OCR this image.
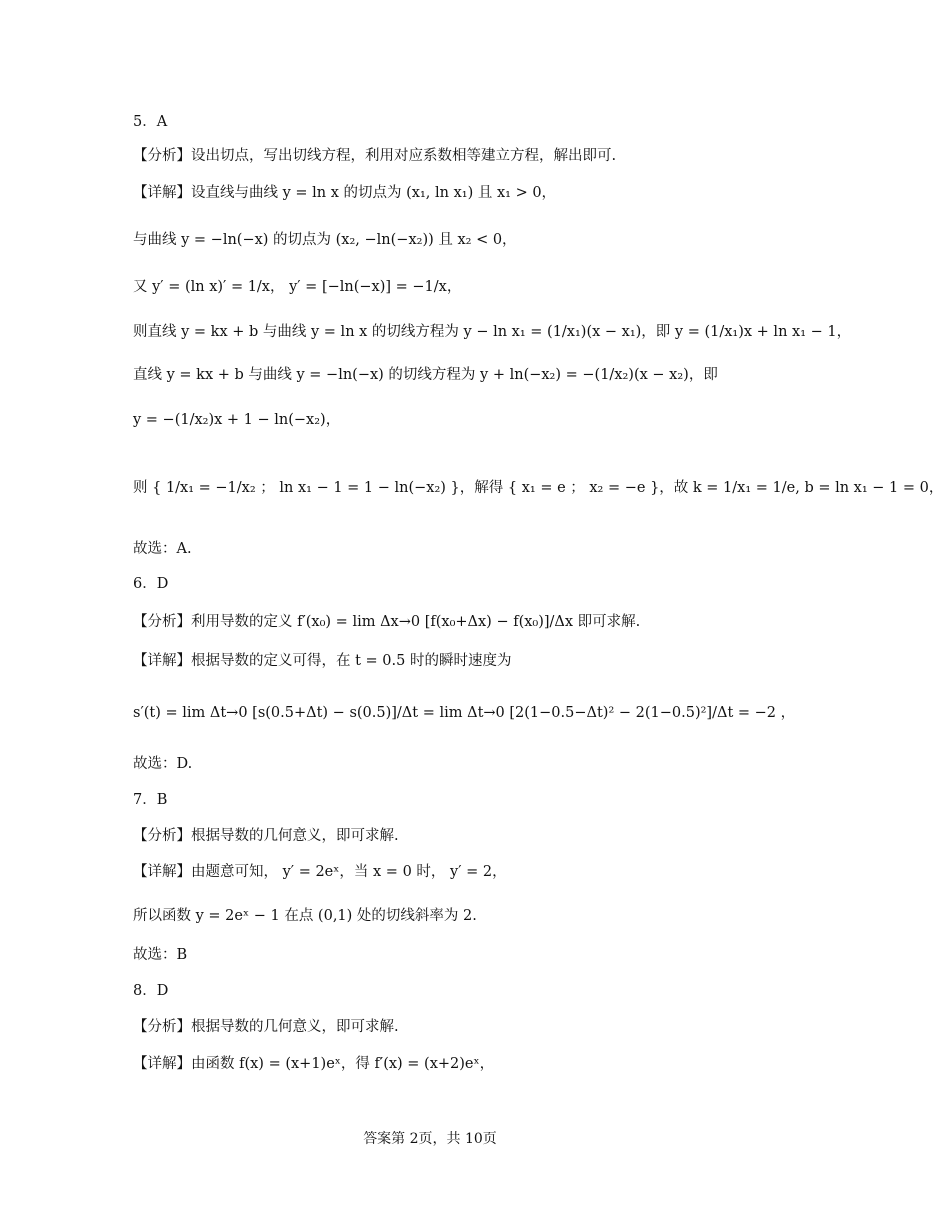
5．A
【分析】设出切点，写出切线方程，利用对应系数相等建立方程，解出即可.
【详解】设直线与曲线 y = ln x 的切点为 (x₁, ln x₁) 且 x₁ > 0，
与曲线 y = −ln(−x) 的切点为 (x₂, −ln(−x₂)) 且 x₂ < 0，
又 y′ = (ln x)′ = 1/x， y′ = [−ln(−x)] = −1/x，
则直线 y = kx + b 与曲线 y = ln x 的切线方程为 y − ln x₁ = (1/x₁)(x − x₁)，即 y = (1/x₁)x + ln x₁ − 1，
直线 y = kx + b 与曲线 y = −ln(−x) 的切线方程为 y + ln(−x₂) = −(1/x₂)(x − x₂)，即
y = −(1/x₂)x + 1 − ln(−x₂)，
则 { 1/x₁ = −1/x₂ ； ln x₁ − 1 = 1 − ln(−x₂) }，解得 { x₁ = e ； x₂ = −e }，故 k = 1/x₁ = 1/e, b = ln x₁ − 1 = 0，
故选：A.
6．D
【分析】利用导数的定义 f′(x₀) = lim Δx→0 [f(x₀+Δx) − f(x₀)]/Δx 即可求解.
【详解】根据导数的定义可得，在 t = 0.5 时的瞬时速度为
s′(t) = lim Δt→0 [s(0.5+Δt) − s(0.5)]/Δt = lim Δt→0 [2(1−0.5−Δt)² − 2(1−0.5)²]/Δt = −2 ，
故选：D.
7．B
【分析】根据导数的几何意义，即可求解.
【详解】由题意可知， y′ = 2eˣ，当 x = 0 时， y′ = 2，
所以函数 y = 2eˣ − 1 在点 (0,1) 处的切线斜率为 2.
故选：B
8．D
【分析】根据导数的几何意义，即可求解.
【详解】由函数 f(x) = (x+1)eˣ，得 f′(x) = (x+2)eˣ，
答案第 2页，共 10页
